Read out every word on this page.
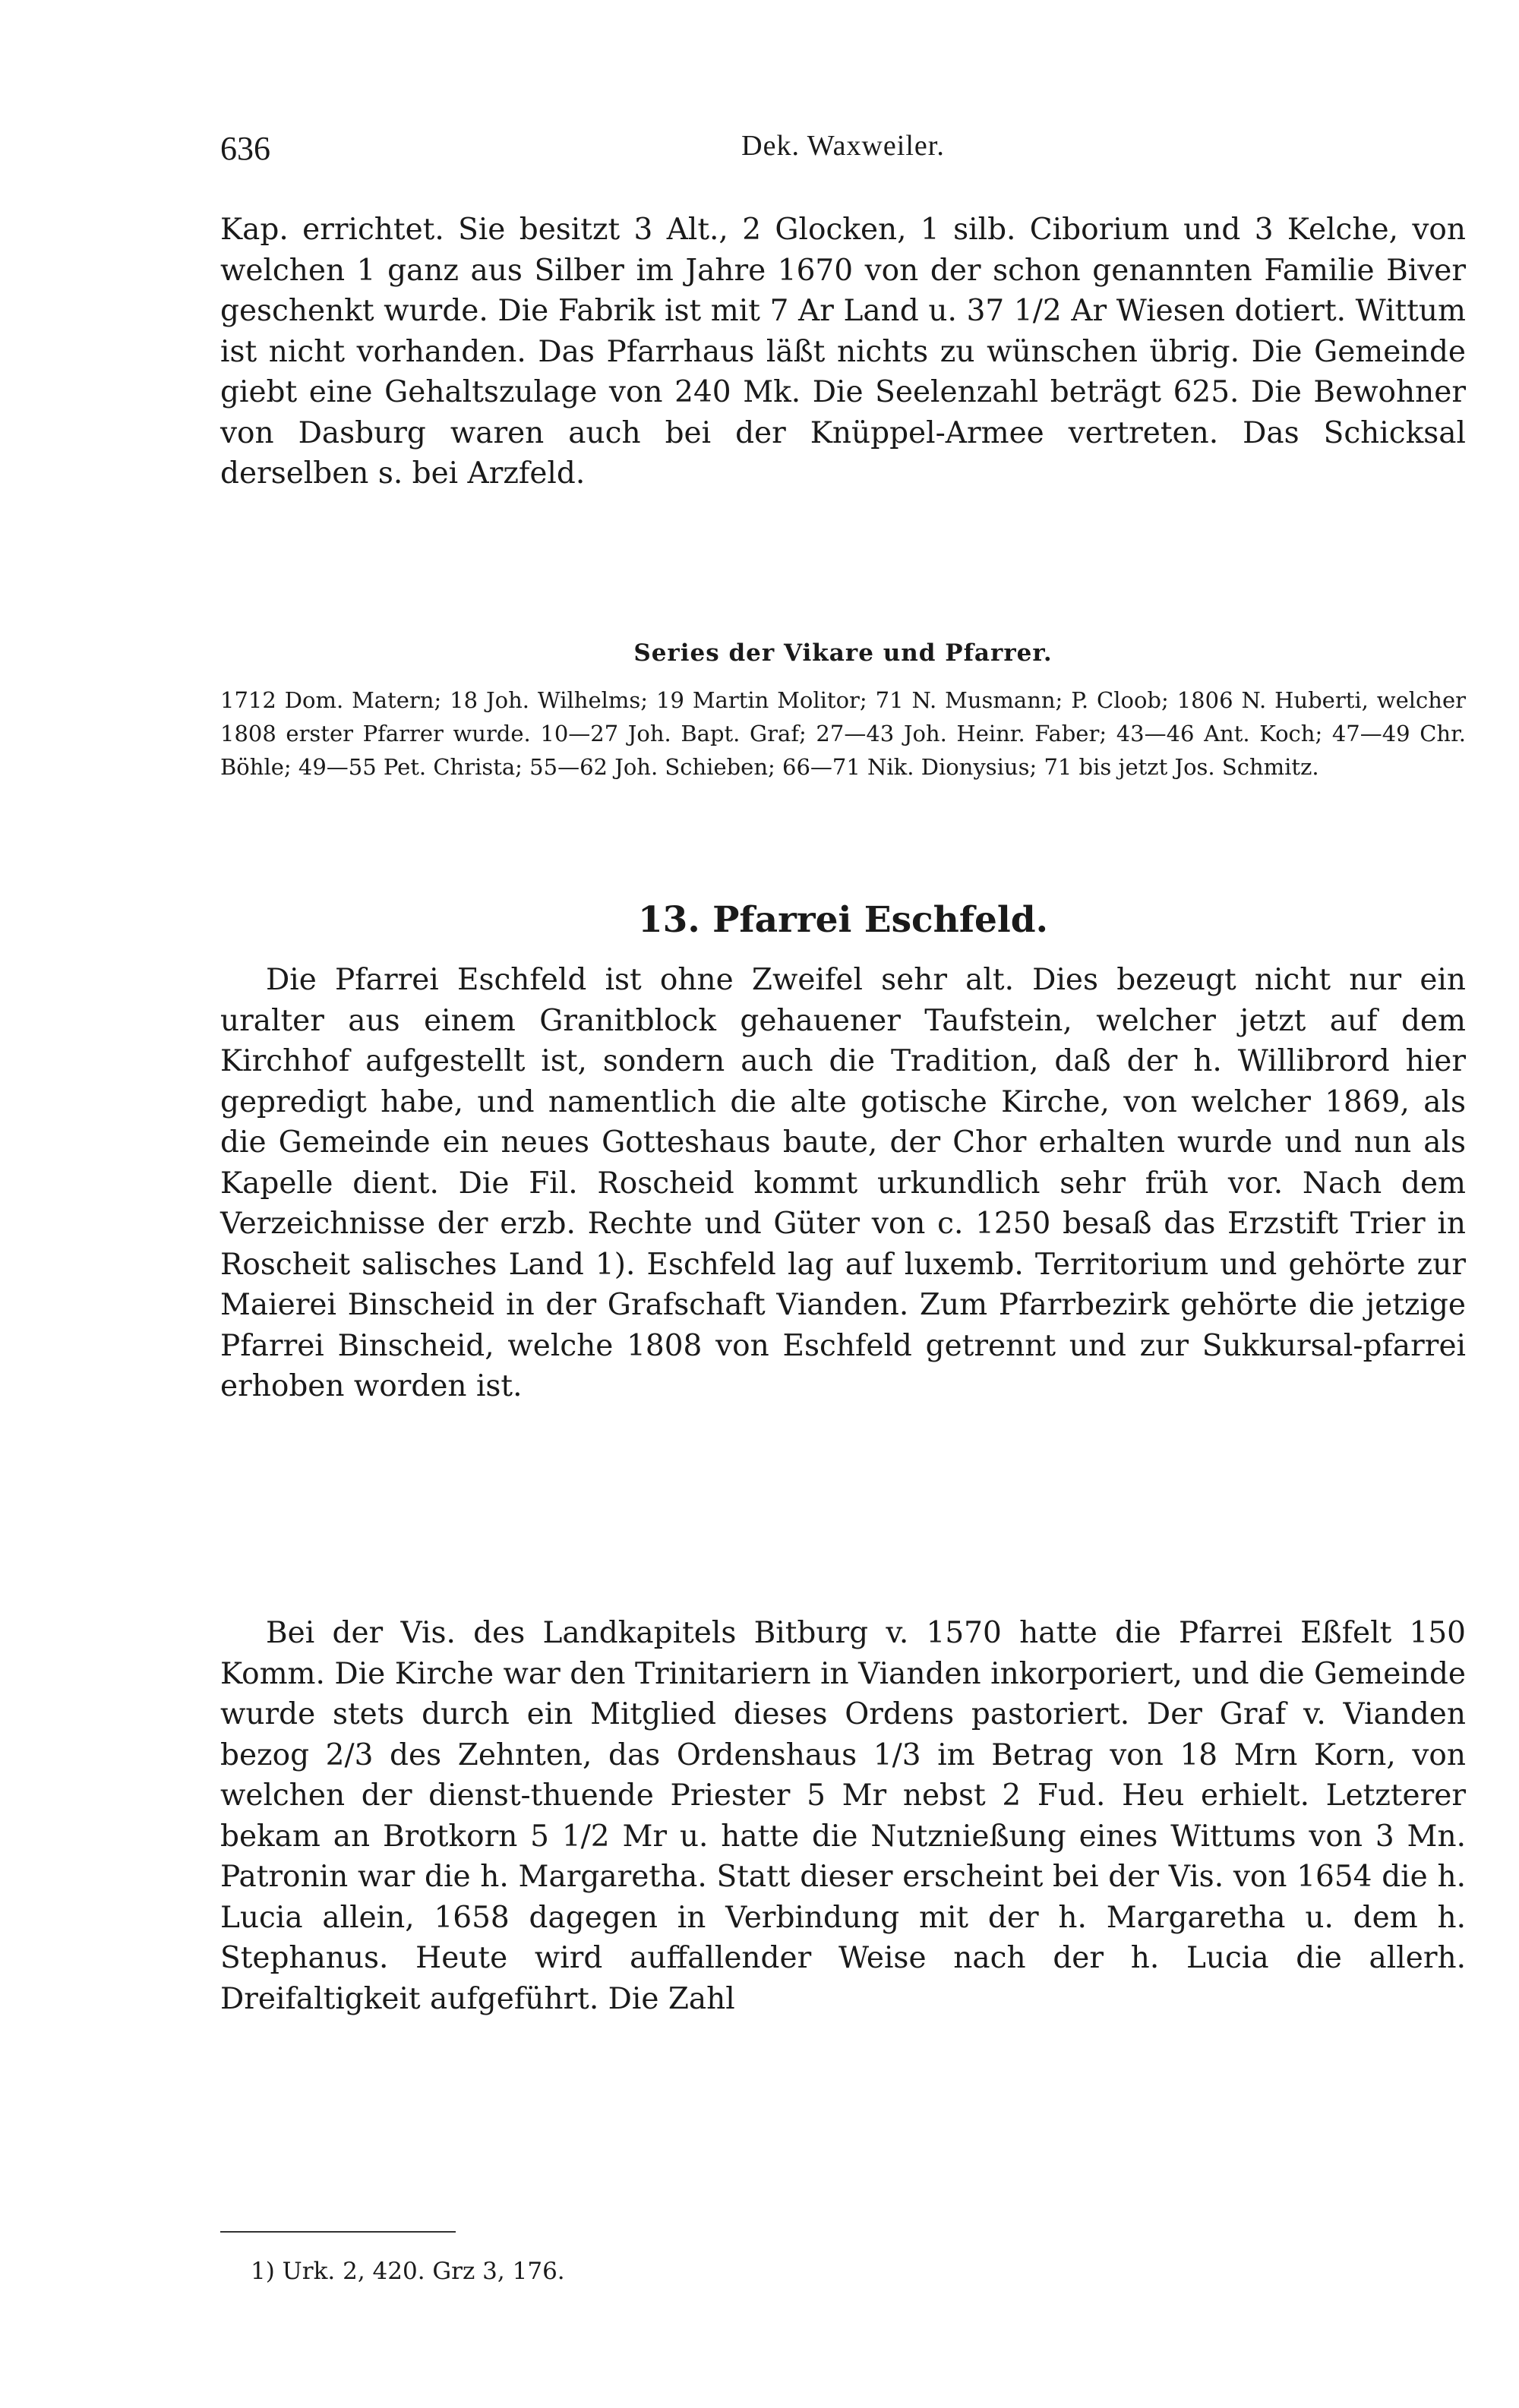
636	Dek. Waxweiler.

Kap. errichtet. Sie besitzt 3 Alt., 2 Glocken, 1 silb. Ciborium und 3 Kelche, von welchen 1 ganz aus Silber im Jahre 1670 von der schon genannten Familie Biver geschenkt wurde. Die Fabrik ist mit 7 Ar Land u. 37 1/2 Ar Wiesen dotiert. Wittum ist nicht vorhanden. Das Pfarrhaus läßt nichts zu wünschen übrig. Die Gemeinde giebt eine Gehaltszulage von 240 Mk. Die Seelenzahl beträgt 625. Die Bewohner von Dasburg waren auch bei der Knüppel-Armee vertreten. Das Schicksal derselben s. bei Arzfeld.

Series der Vikare und Pfarrer.

1712 Dom. Matern; 18 Joh. Wilhelms; 19 Martin Molitor; 71 N. Musmann; P. Cloob; 1806 N. Huberti, welcher 1808 erster Pfarrer wurde. 10—27 Joh. Bapt. Graf; 27—43 Joh. Heinr. Faber; 43—46 Ant. Koch; 47—49 Chr. Böhle; 49—55 Pet. Christa; 55—62 Joh. Schieben; 66—71 Nik. Dionysius; 71 bis jetzt Jos. Schmitz.

13. Pfarrei Eschfeld.

Die Pfarrei Eschfeld ist ohne Zweifel sehr alt. Dies bezeugt nicht nur ein uralter aus einem Granitblock gehauener Taufstein, welcher jetzt auf dem Kirchhof aufgestellt ist, sondern auch die Tradition, daß der h. Willibrord hier gepredigt habe, und namentlich die alte gotische Kirche, von welcher 1869, als die Gemeinde ein neues Gotteshaus baute, der Chor erhalten wurde und nun als Kapelle dient. Die Fil. Roscheid kommt urkundlich sehr früh vor. Nach dem Verzeichnisse der erzb. Rechte und Güter von c. 1250 besaß das Erzstift Trier in Roscheit salisches Land 1). Eschfeld lag auf luxemb. Territorium und gehörte zur Maierei Binscheid in der Grafschaft Vianden. Zum Pfarrbezirk gehörte die jetzige Pfarrei Binscheid, welche 1808 von Eschfeld getrennt und zur Sukkursal-pfarrei erhoben worden ist.

Bei der Vis. des Landkapitels Bitburg v. 1570 hatte die Pfarrei Eßfelt 150 Komm. Die Kirche war den Trinitariern in Vianden inkorporiert, und die Gemeinde wurde stets durch ein Mitglied dieses Ordens pastoriert. Der Graf v. Vianden bezog 2/3 des Zehnten, das Ordenshaus 1/3 im Betrag von 18 Mrn Korn, von welchen der dienst-thuende Priester 5 Mr nebst 2 Fud. Heu erhielt. Letzterer bekam an Brotkorn 5 1/2 Mr u. hatte die Nutznießung eines Wittums von 3 Mn. Patronin war die h. Margaretha. Statt dieser erscheint bei der Vis. von 1654 die h. Lucia allein, 1658 dagegen in Verbindung mit der h. Margaretha u. dem h. Stephanus. Heute wird auffallender Weise nach der h. Lucia die allerh. Dreifaltigkeit aufgeführt. Die Zahl

1) Urk. 2, 420. Grz 3, 176.
